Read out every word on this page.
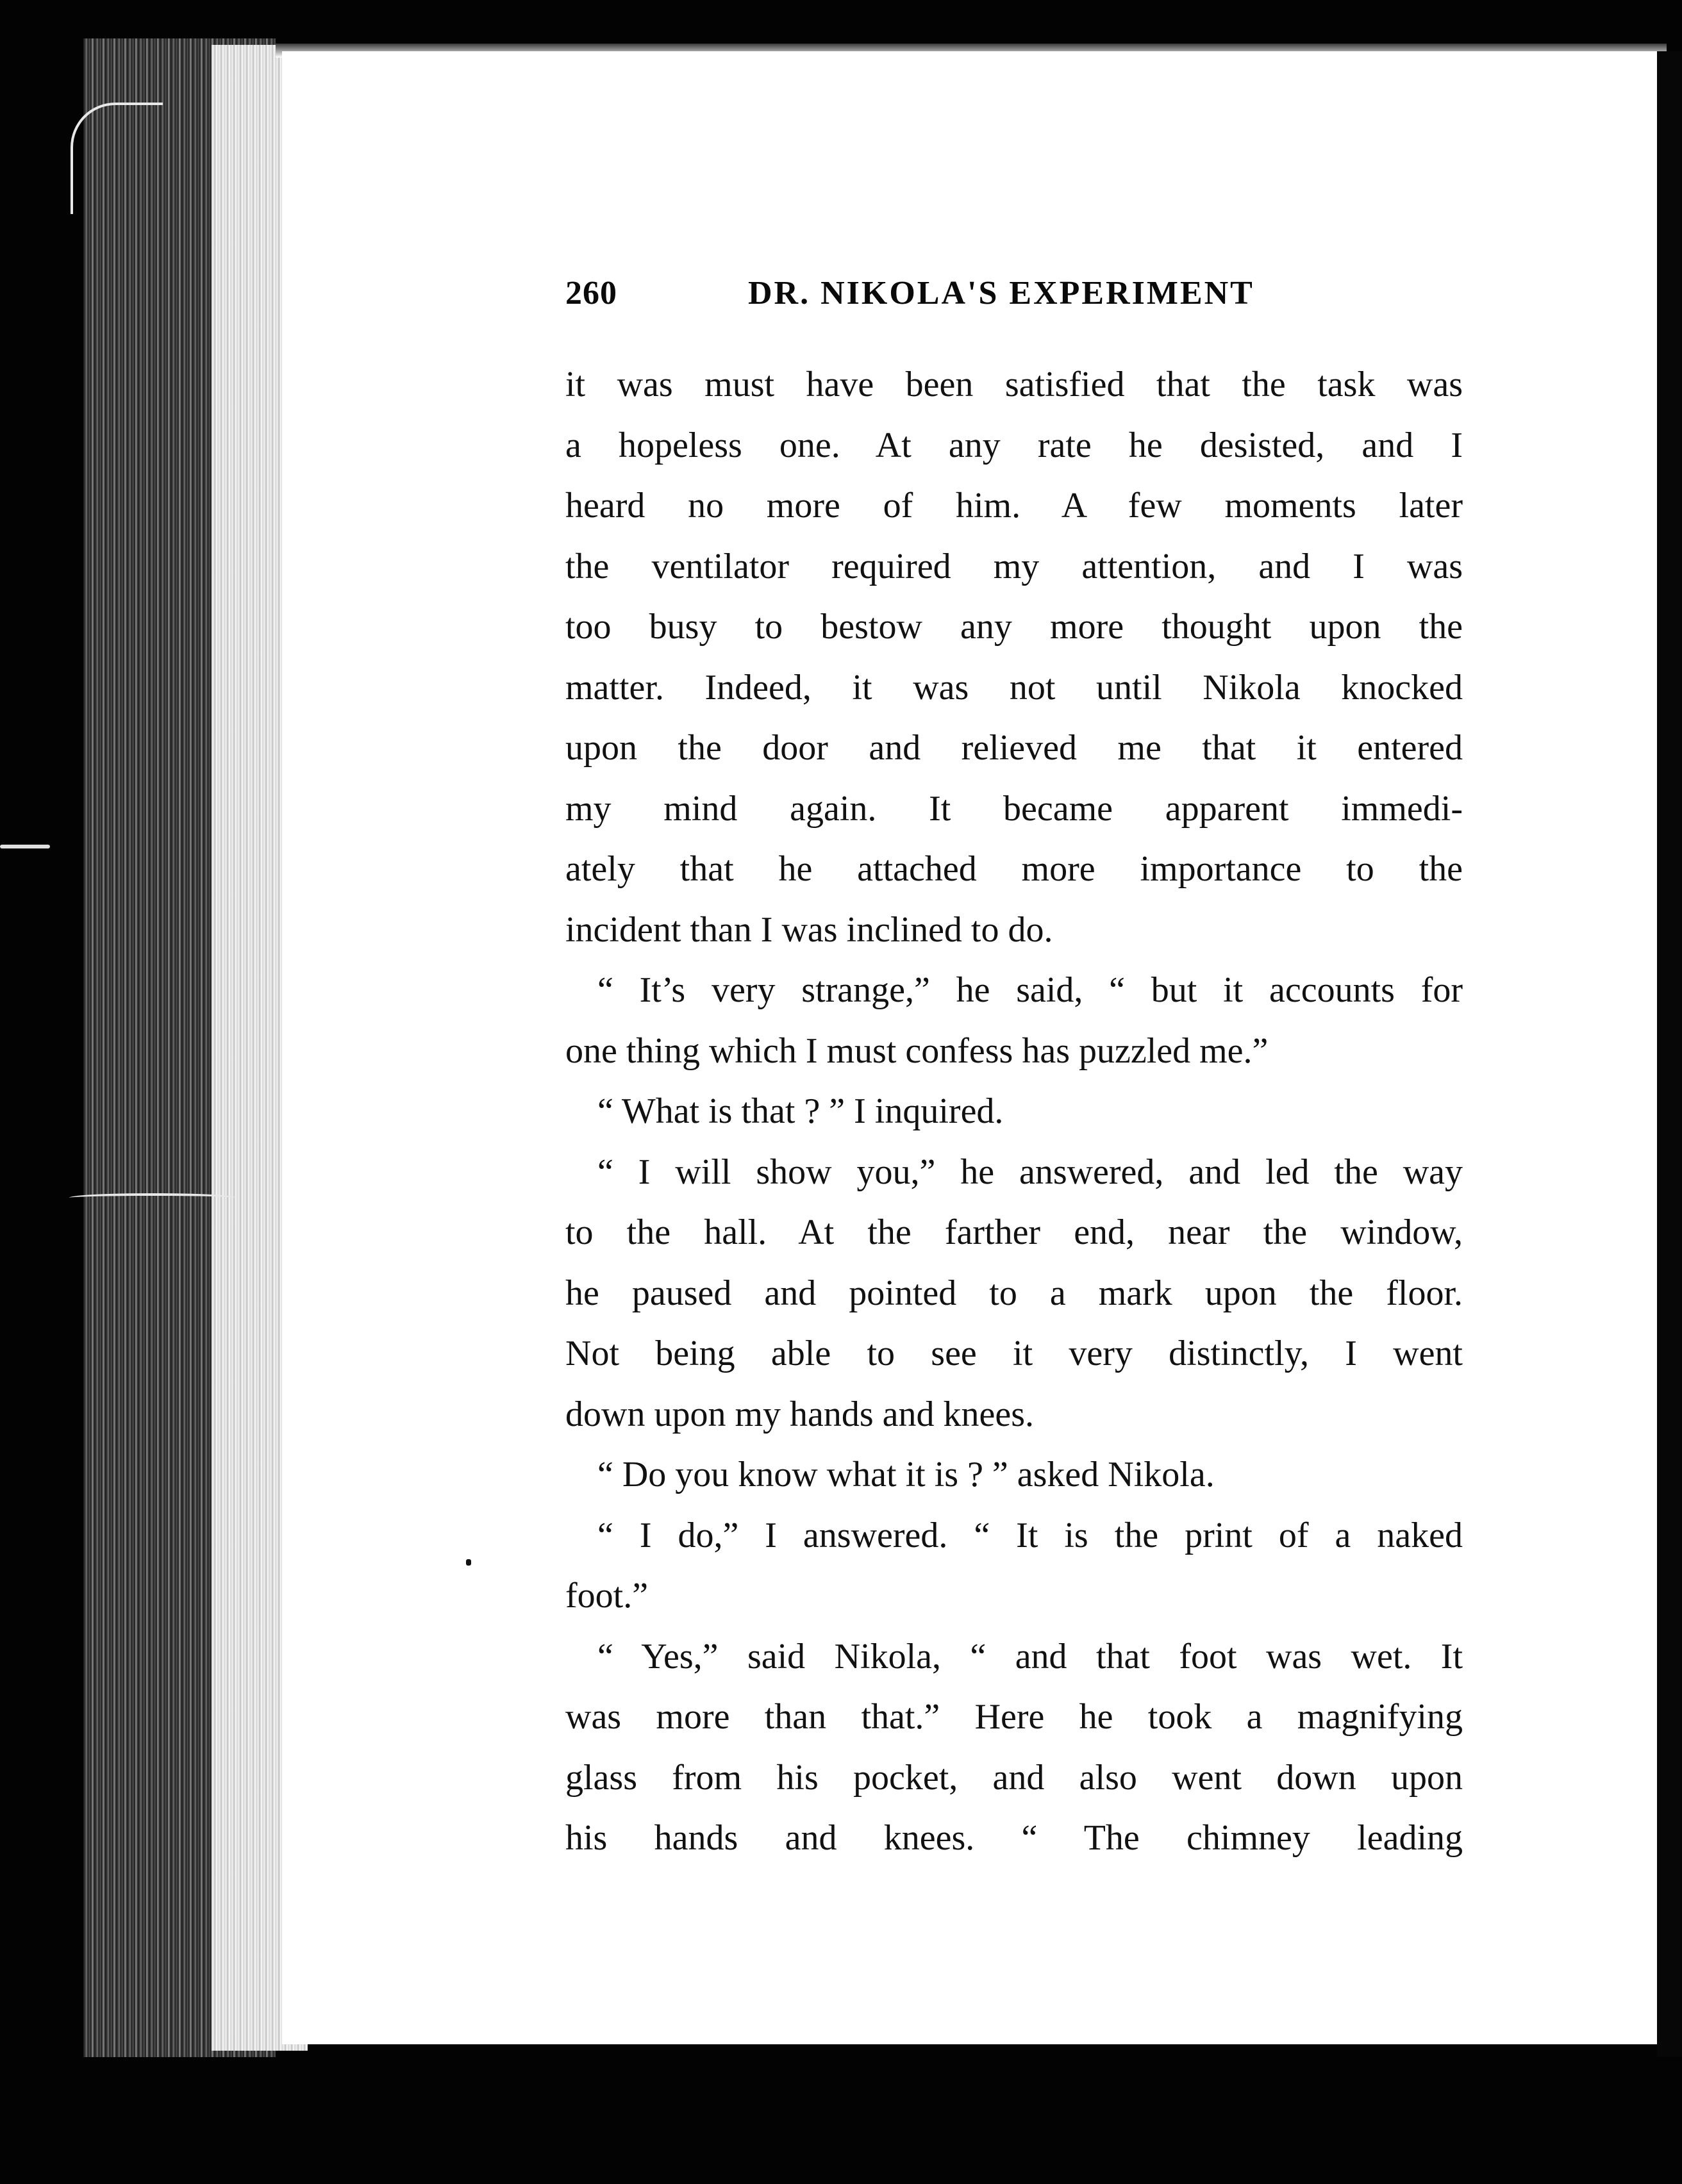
260	DR. NIKOLA'S EXPERIMENT
it was must have been satisfied that the task was
a hopeless one. At any rate he desisted, and I
heard no more of him. A few moments later
the ventilator required my attention, and I was
too busy to bestow any more thought upon the
matter. Indeed, it was not until Nikola knocked
upon the door and relieved me that it entered
my mind again. It became apparent immedi-
ately that he attached more importance to the
incident than I was inclined to do.
“ It’s very strange,” he said, “ but it accounts for
one thing which I must confess has puzzled me.”
“ What is that ? ” I inquired.
“ I will show you,” he answered, and led the way
to the hall. At the farther end, near the window,
he paused and pointed to a mark upon the floor.
Not being able to see it very distinctly, I went
down upon my hands and knees.
“ Do you know what it is ? ” asked Nikola.
“ I do,” I answered. “ It is the print of a naked
foot.”
“ Yes,” said Nikola, “ and that foot was wet. It
was more than that.” Here he took a magnifying
glass from his pocket, and also went down upon
his hands and knees. “ The chimney leading
